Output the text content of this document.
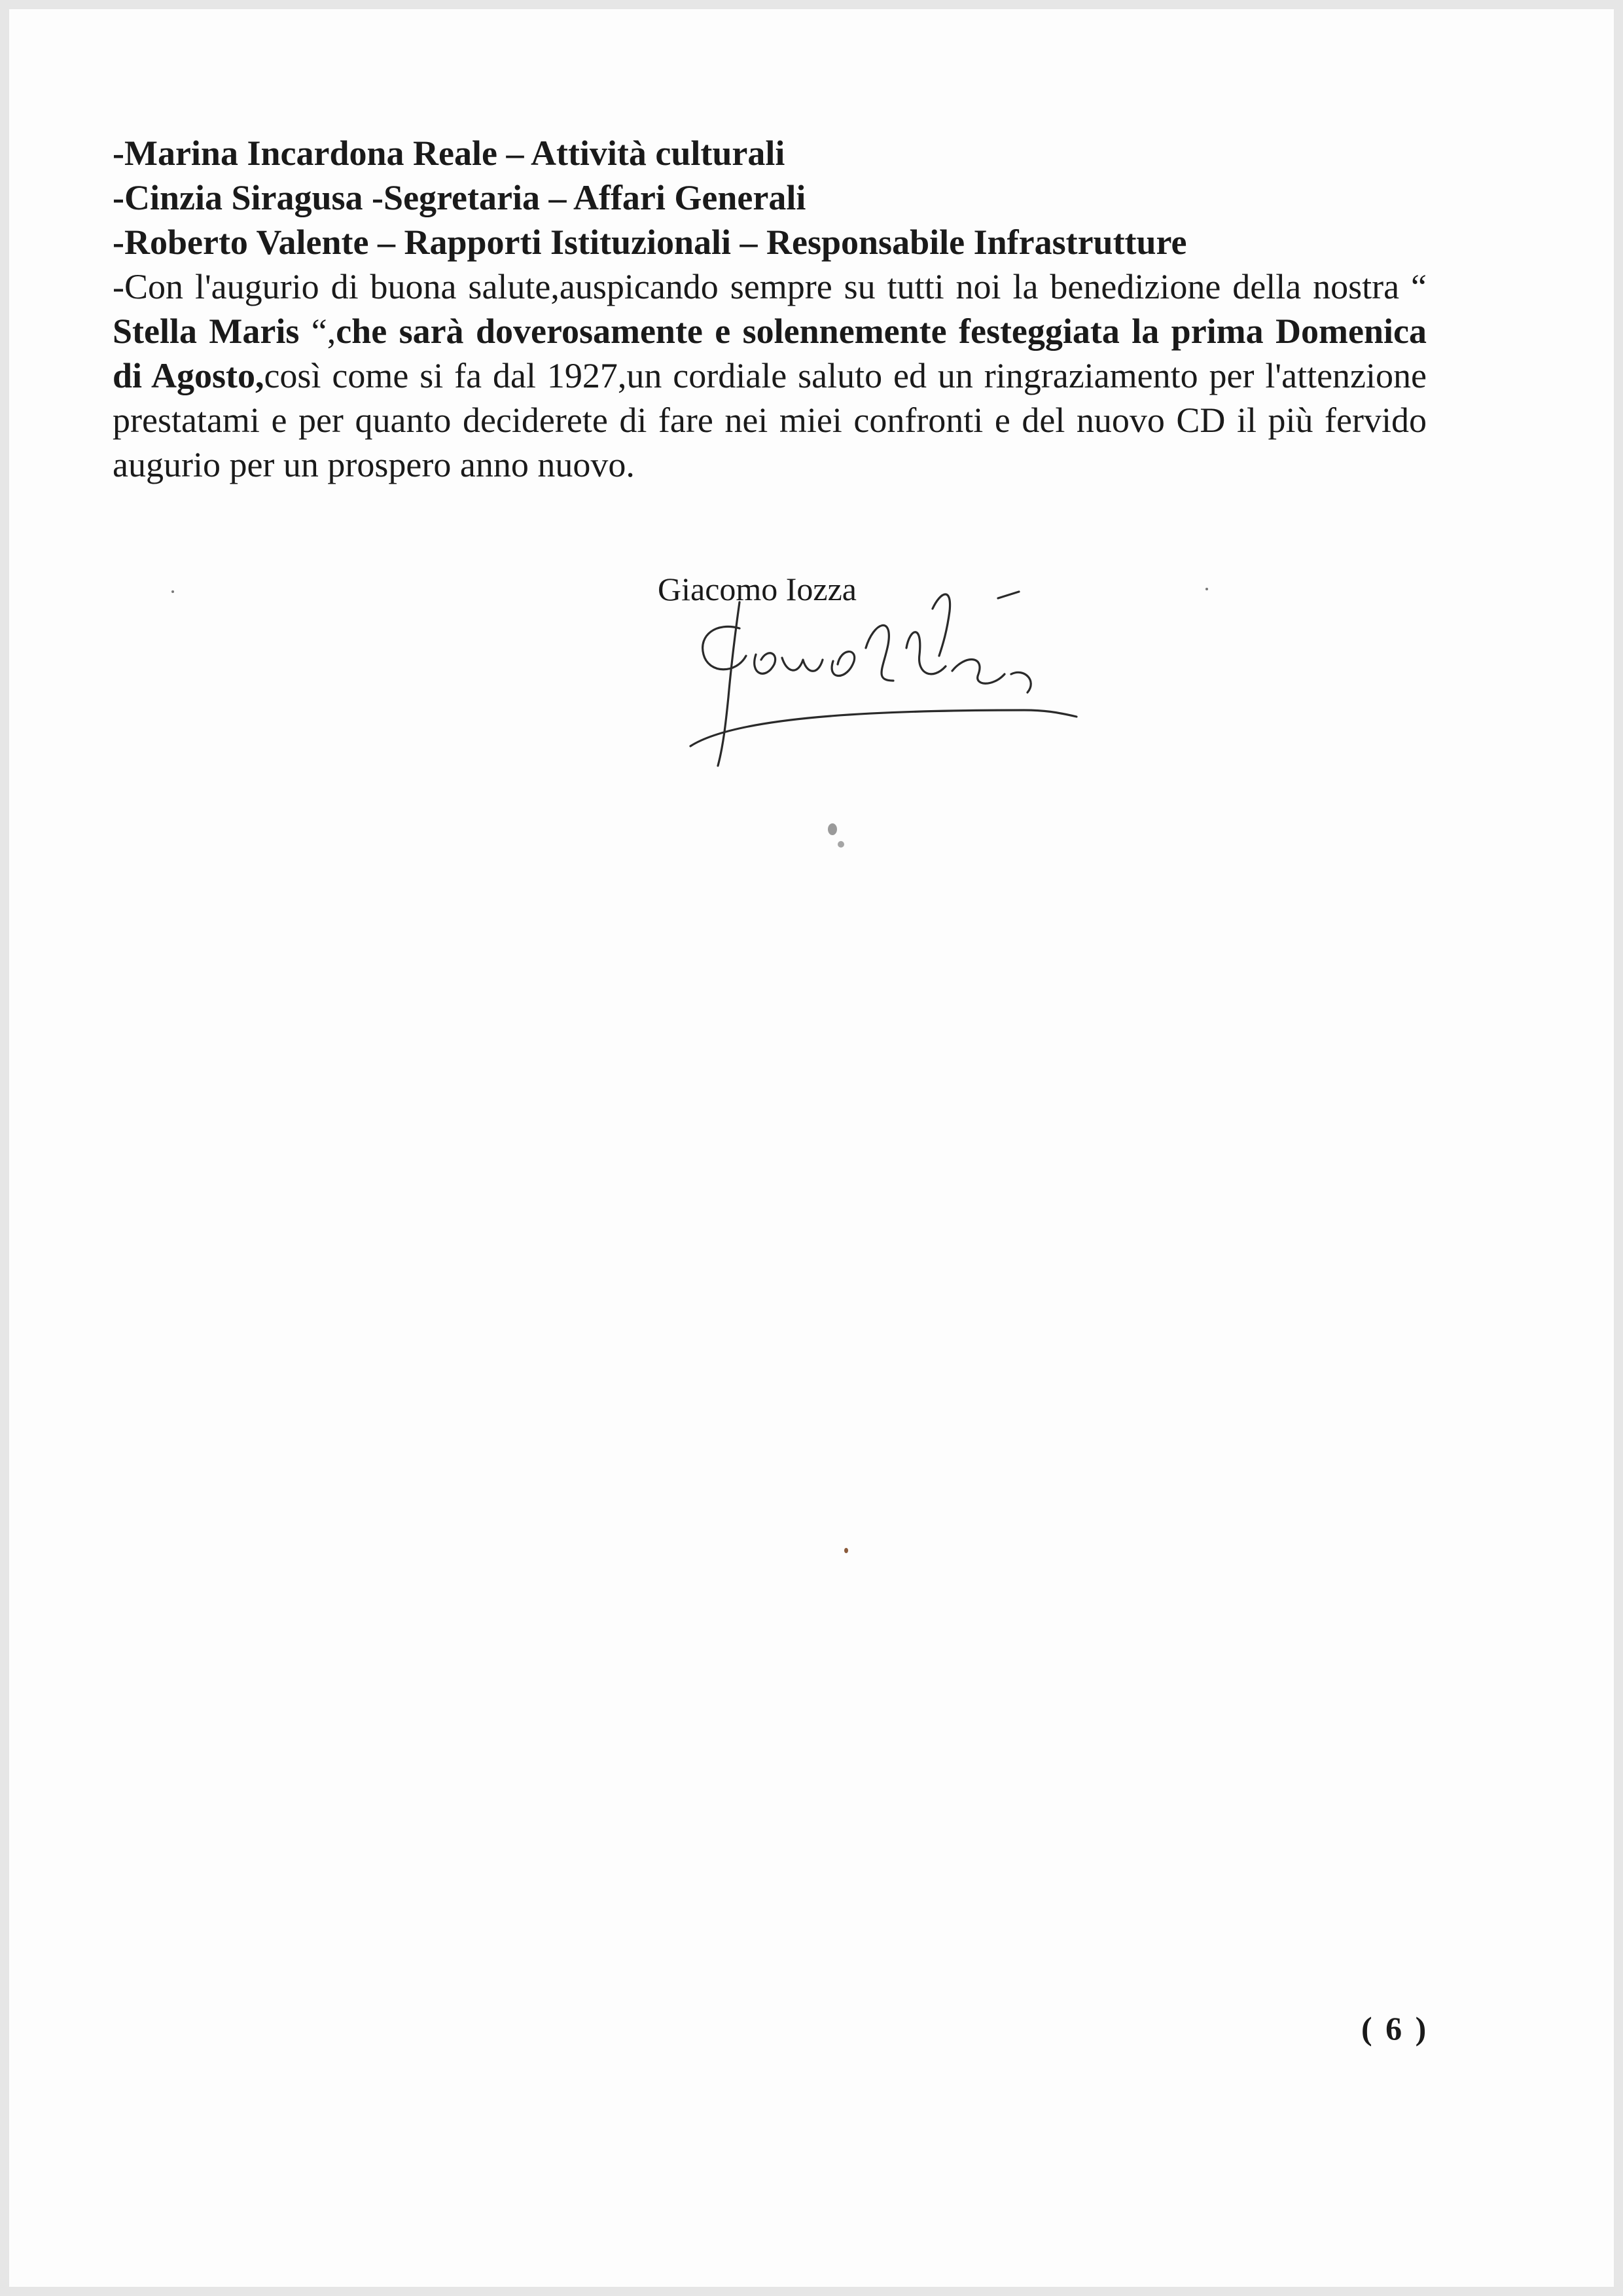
-Marina Incardona Reale – Attività culturali

-Cinzia Siragusa -Segretaria – Affari Generali

-Roberto Valente – Rapporti Istituzionali – Responsabile Infrastrutture

-Con l'augurio di buona salute,auspicando sempre su tutti noi la benedizione della nostra “ Stella Maris “,che sarà doverosamente e solennemente festeggiata la prima Domenica di Agosto,così come si fa dal 1927,un cordiale saluto ed un ringraziamento per l'attenzione prestatami e per quanto deciderete di fare nei miei confronti e del nuovo CD il più fervido augurio per un prospero anno nuovo.

Giacomo Iozza
( 6 )
